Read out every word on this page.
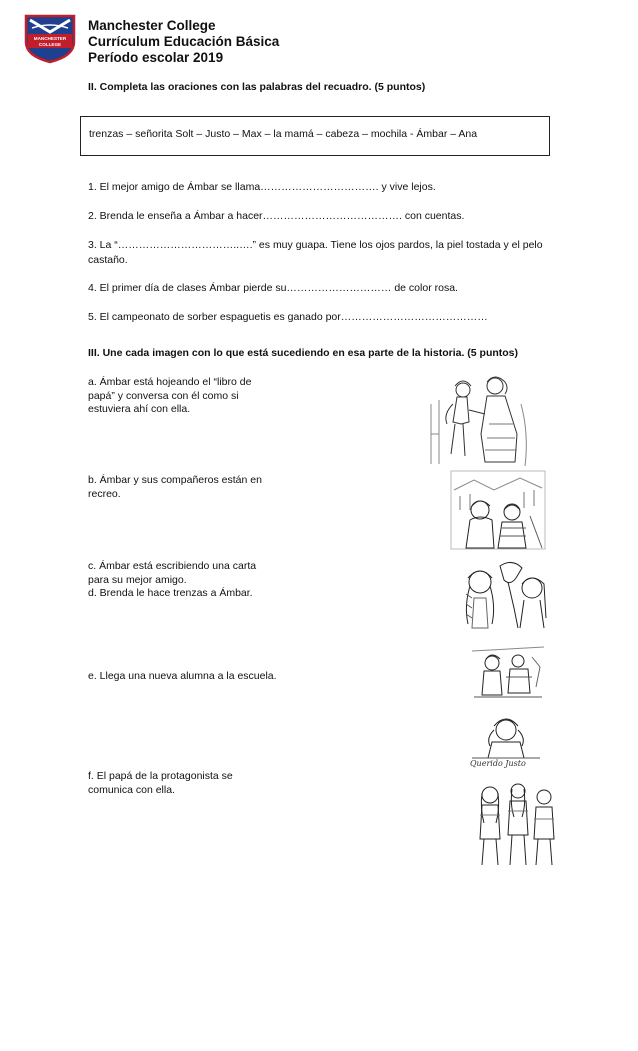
MANCHESTER
COLLEGE
Manchester College
Currículum Educación Básica
Período escolar 2019
II. Completa las oraciones con las palabras del recuadro. (5 puntos)
trenzas – señorita Solt – Justo – Max – la mamá – cabeza – mochila - Ámbar – Ana
1. El mejor amigo de Ámbar se llama……………………………. y vive lejos.
2. Brenda le enseña a Ámbar a hacer…………………………………. con cuentas.
3. La “……………………………..….” es muy guapa. Tiene los ojos pardos, la piel tostada y el pelo castaño.
4. El primer día de clases Ámbar pierde su………………………… de color rosa.
5. El campeonato de sorber espaguetis es ganado por……………………………………
III. Une cada imagen con lo que está sucediendo en esa parte de la historia. (5 puntos)
a. Ámbar está hojeando el “libro de papá” y conversa con él como si estuviera ahí con ella.
b. Ámbar y sus compañeros están en recreo.
c. Ámbar está escribiendo una carta para su mejor amigo.
d. Brenda le hace trenzas a Ámbar.
e. Llega una nueva alumna a la escuela.
f. El papá de la protagonista se comunica con ella.
Querido Justo
